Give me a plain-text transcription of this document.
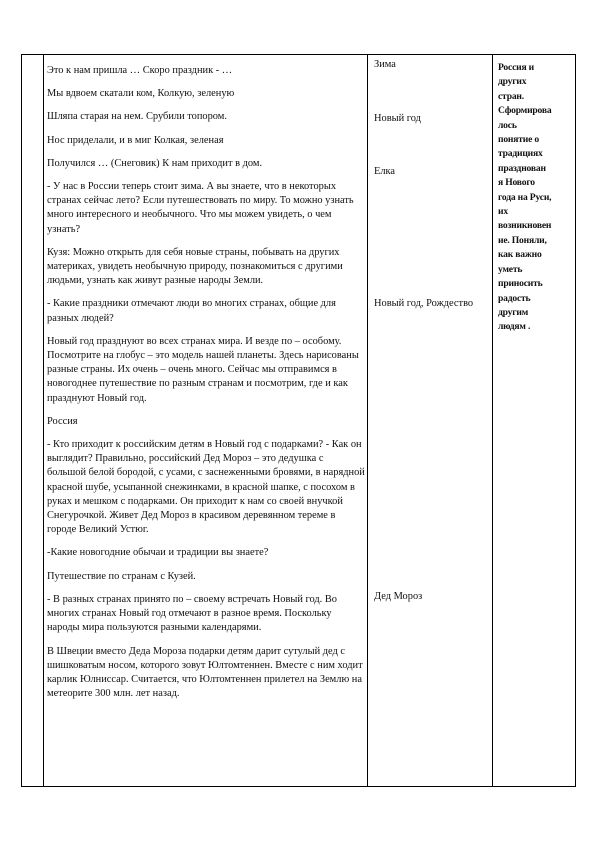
Это к нам пришла … Скоро праздник - …

Мы вдвоем скатали ком, Колкую, зеленую

Шляпа старая на нем. Срубили топором.

Нос приделали, и в миг Колкая, зеленая

Получился … (Снеговик) К нам приходит в дом.

- У нас в России теперь стоит зима. А вы знаете, что в некоторых странах сейчас лето? Если путешествовать по миру. То можно узнать много интересного и необычного. Что мы можем увидеть, о чем узнать?

Кузя: Можно открыть для себя новые страны, побывать на других материках, увидеть необычную природу, познакомиться с другими людьми, узнать как живут разные народы Земли.

- Какие праздники отмечают люди во многих странах, общие для разных людей?

Новый год празднуют во всех странах мира. И везде по – особому. Посмотрите на глобус – это модель нашей планеты. Здесь нарисованы разные страны. Их очень – очень много. Сейчас мы отправимся в новогоднее путешествие по разным странам и посмотрим, где и как празднуют Новый год.

Россия

- Кто приходит к российским детям в Новый год с подарками? - Как он выглядит? Правильно, российский Дед Мороз – это дедушка с большой белой бородой, с усами, с заснеженными бровями, в нарядной красной шубе, усыпанной снежинками, в красной шапке, с посохом в руках и мешком с подарками. Он приходит к нам со своей внучкой Снегурочкой. Живет Дед Мороз в красивом деревянном тереме в городе Великий Устюг.

-Какие новогодние обычаи и традиции вы знаете?

Путешествие по странам с Кузей.

- В разных странах принято по – своему встречать Новый год. Во многих странах Новый год отмечают в разное время. Поскольку народы мира пользуются разными календарями.

В Швеции вместо Деда Мороза подарки детям дарит сутулый дед с шишковатым носом, которого зовут Юлтомтеннен. Вместе с ним ходит карлик Юлниссар. Считается, что Юлтомтеннен прилетел на Землю на метеорите 300 млн. лет назад.

Зима
Новый год
Елка
Новый год, Рождество
Дед Мороз
Россия и
других
стран.
Сформирова
лось
понятие о
традициях
празднован
я Нового
года на Руси,
их
возникновен
ие. Поняли,
как важно
уметь
приносить
радость
другим
людям .
